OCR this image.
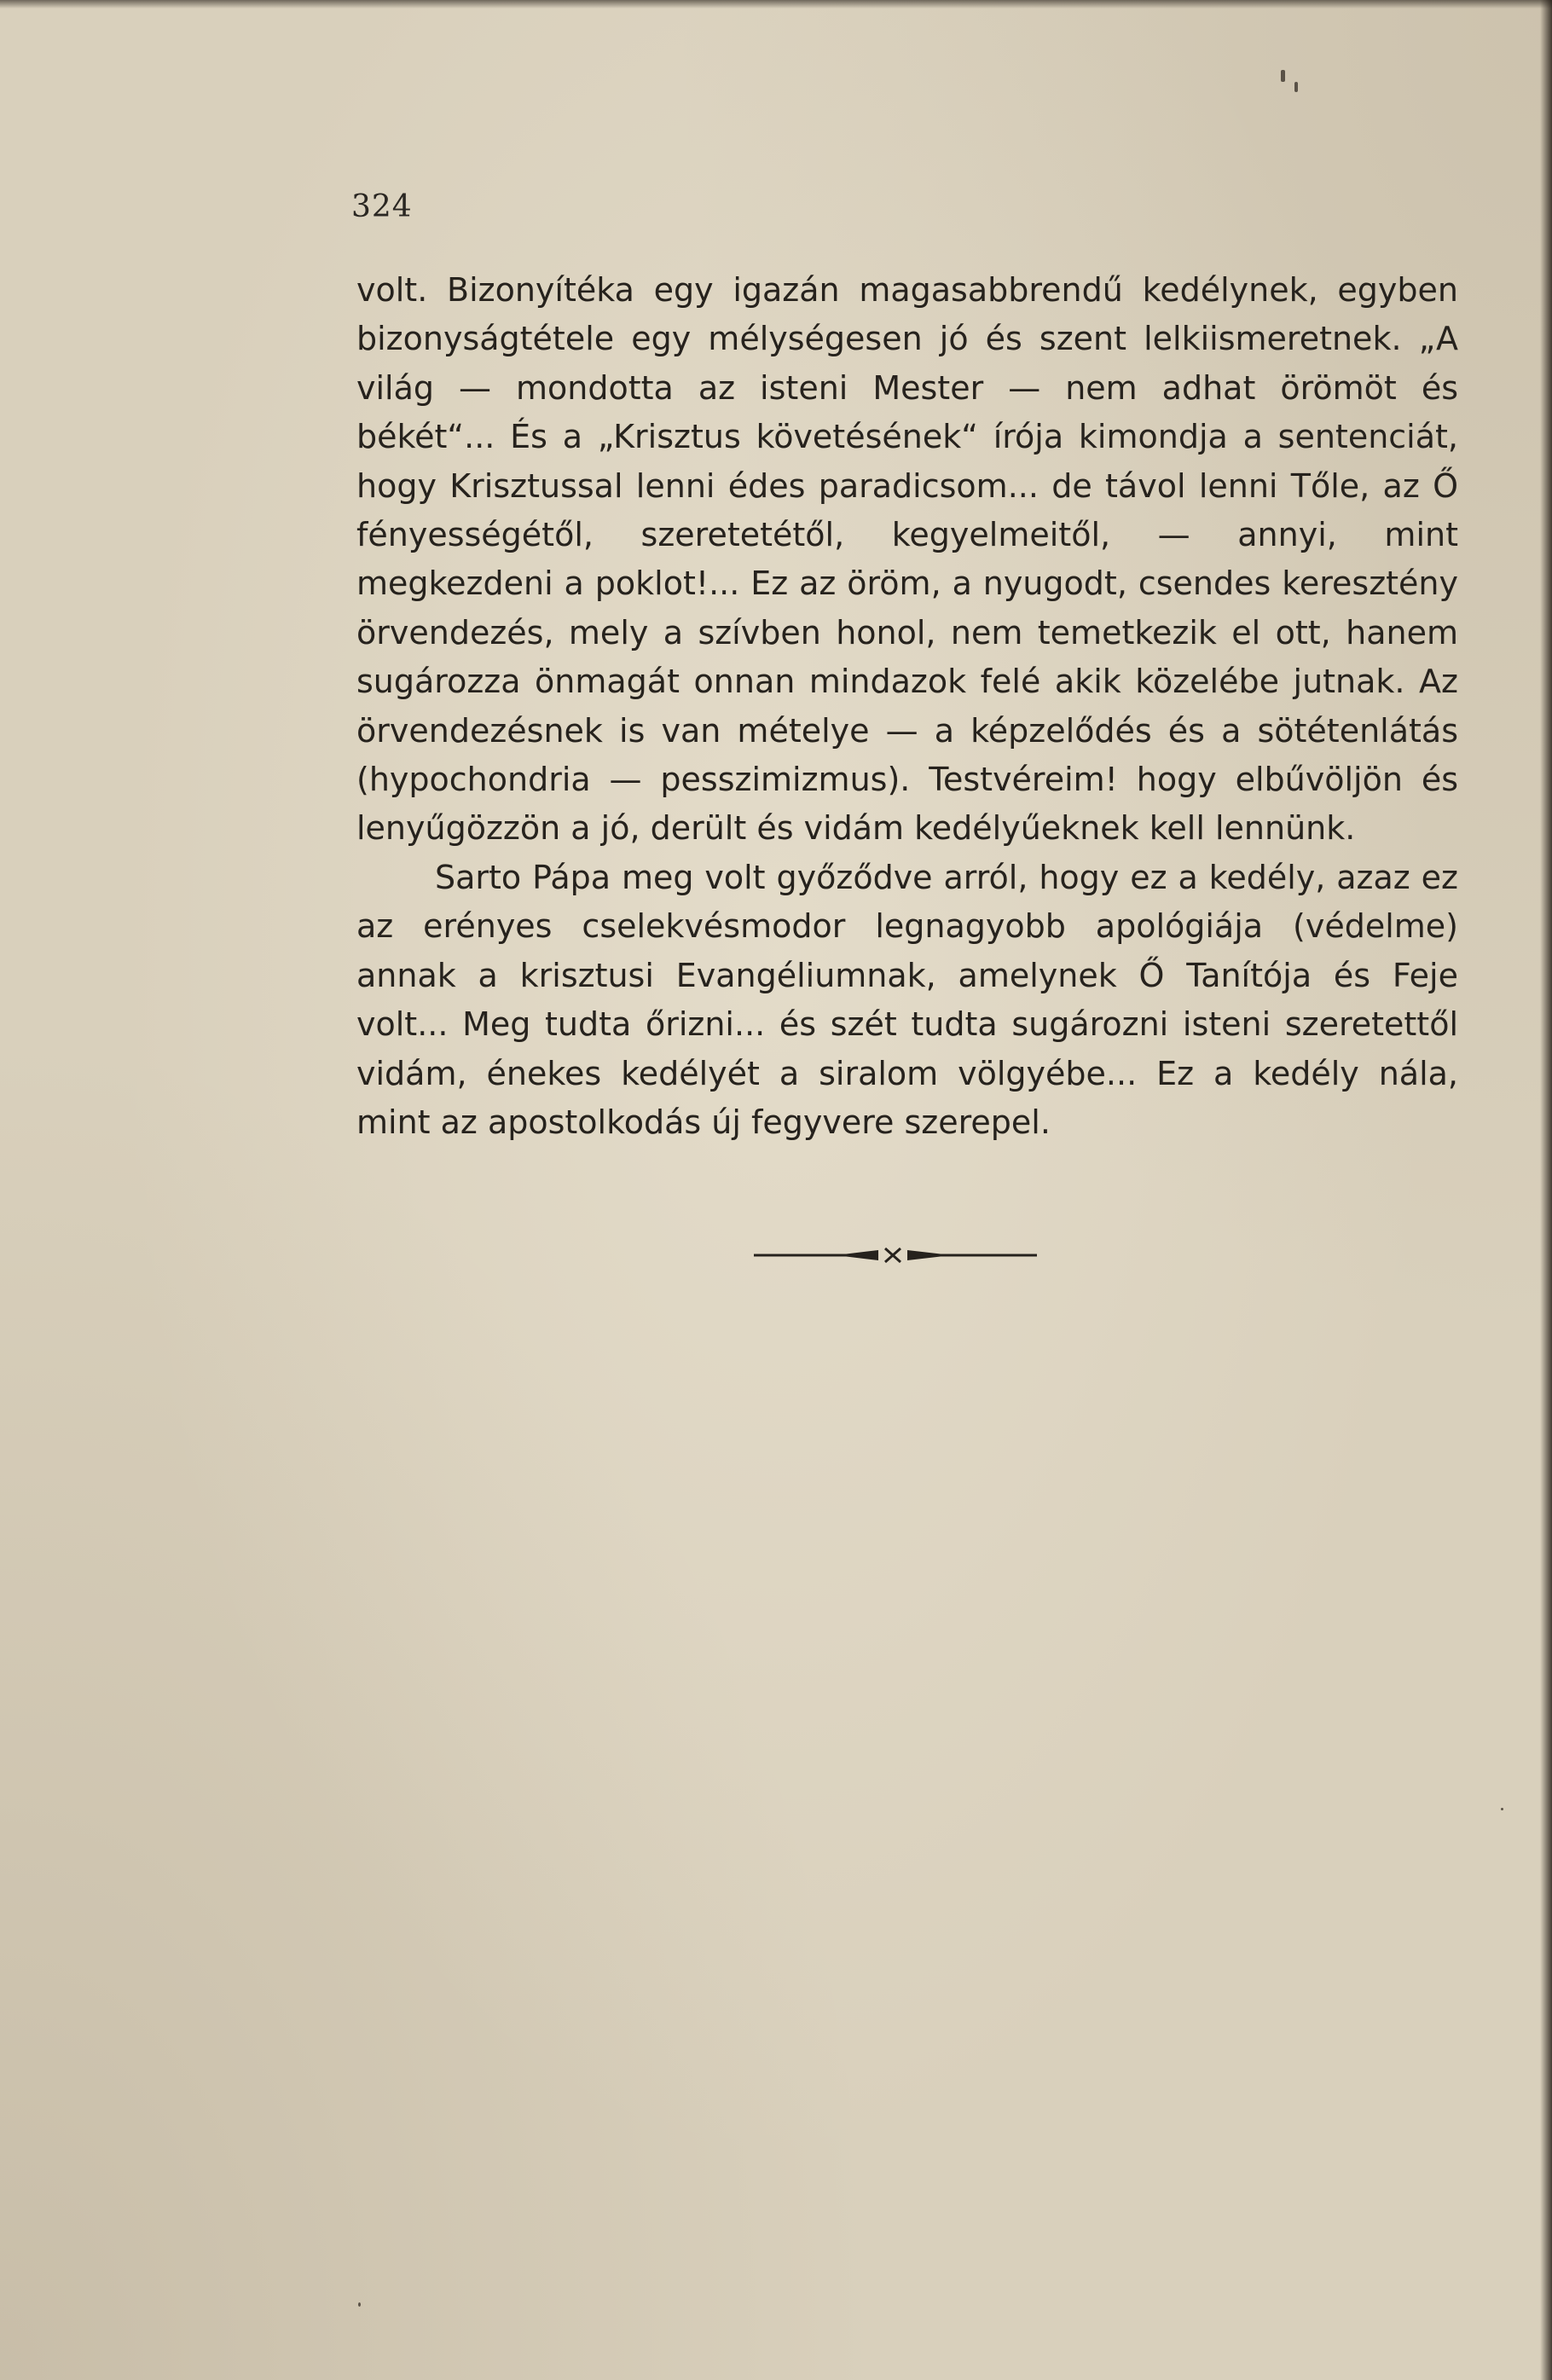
324

volt. Bizonyítéka egy igazán magasabbrendű kedélynek, egyben bizonyságtétele egy mélységesen jó és szent lelkiismeretnek. „A világ — mondotta az isteni Mester — nem adhat örömöt és békét“... És a „Krisztus követésének“ írója kimondja a sentenciát, hogy Krisztussal lenni édes paradicsom... de távol lenni Tőle, az Ő fényességétől, szeretetétől, kegyelmeitől, — annyi, mint megkezdeni a poklot!... Ez az öröm, a nyugodt, csendes keresztény örvendezés, mely a szívben honol, nem temetkezik el ott, hanem sugározza önmagát onnan mindazok felé akik közelébe jutnak. Az örvendezésnek is van mételye — a képzelődés és a sötétenlátás (hypochondria — pesszimizmus). Testvéreim! hogy elbűvöljön és lenyűgözzön a jó, derült és vidám kedélyűeknek kell lennünk.

Sarto Pápa meg volt győződve arról, hogy ez a kedély, azaz ez az erényes cselekvésmodor legnagyobb apológiája (védelme) annak a krisztusi Evangéliumnak, amelynek Ő Tanítója és Feje volt... Meg tudta őrizni... és szét tudta sugározni isteni szeretettől vidám, énekes kedélyét a siralom völgyébe... Ez a kedély nála, mint az apostolkodás új fegyvere szerepel.
